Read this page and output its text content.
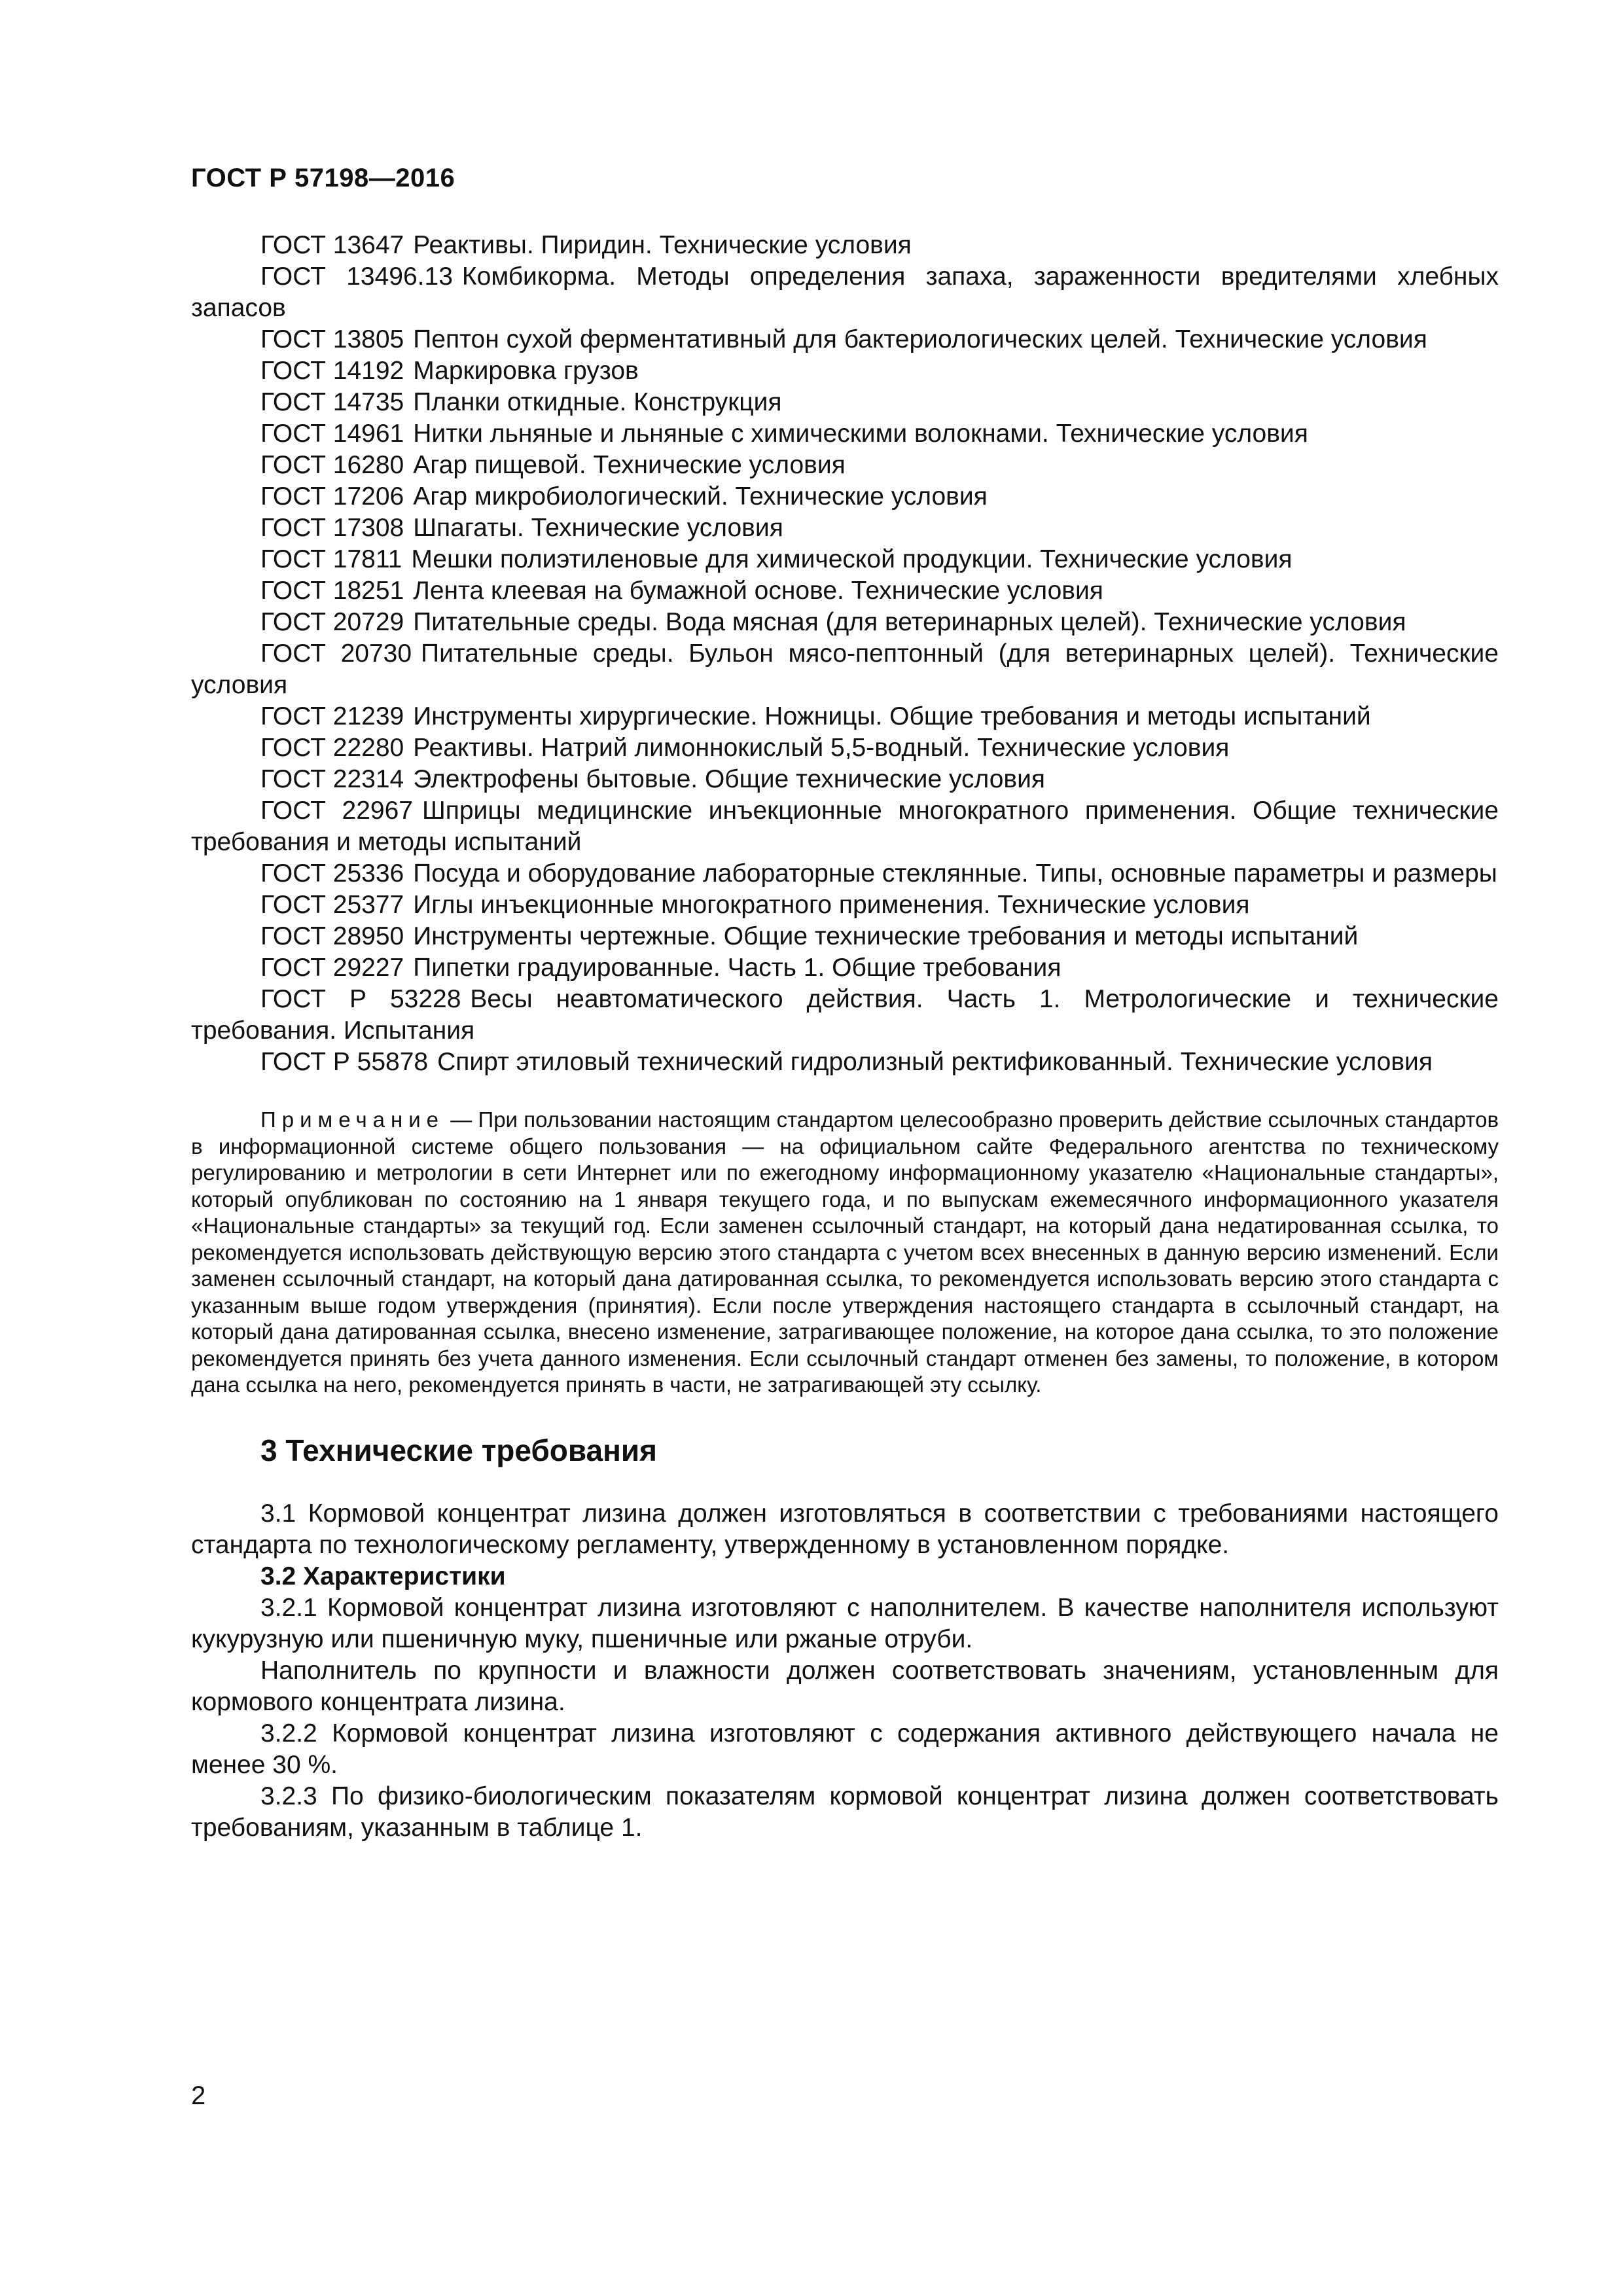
ГОСТ Р 57198—2016

ГОСТ 13647 Реактивы. Пиридин. Технические условия

ГОСТ 13496.13 Комбикорма. Методы определения запаха, зараженности вредителями хлебных запасов

ГОСТ 13805 Пептон сухой ферментативный для бактериологических целей. Технические условия

ГОСТ 14192 Маркировка грузов

ГОСТ 14735 Планки откидные. Конструкция

ГОСТ 14961 Нитки льняные и льняные с химическими волокнами. Технические условия

ГОСТ 16280 Агар пищевой. Технические условия

ГОСТ 17206 Агар микробиологический. Технические условия

ГОСТ 17308 Шпагаты. Технические условия

ГОСТ 17811 Мешки полиэтиленовые для химической продукции. Технические условия

ГОСТ 18251 Лента клеевая на бумажной основе. Технические условия

ГОСТ 20729 Питательные среды. Вода мясная (для ветеринарных целей). Технические условия

ГОСТ 20730 Питательные среды. Бульон мясо-пептонный (для ветеринарных целей). Технические условия

ГОСТ 21239 Инструменты хирургические. Ножницы. Общие требования и методы испытаний

ГОСТ 22280 Реактивы. Натрий лимоннокислый 5,5-водный. Технические условия

ГОСТ 22314 Электрофены бытовые. Общие технические условия

ГОСТ 22967 Шприцы медицинские инъекционные многократного применения. Общие технические требования и методы испытаний

ГОСТ 25336 Посуда и оборудование лабораторные стеклянные. Типы, основные параметры и размеры

ГОСТ 25377 Иглы инъекционные многократного применения. Технические условия

ГОСТ 28950 Инструменты чертежные. Общие технические требования и методы испытаний

ГОСТ 29227 Пипетки градуированные. Часть 1. Общие требования

ГОСТ Р 53228 Весы неавтоматического действия. Часть 1. Метрологические и технические требования. Испытания

ГОСТ Р 55878 Спирт этиловый технический гидролизный ректификованный. Технические условия

Примечание — При пользовании настоящим стандартом целесообразно проверить действие ссылочных стандартов в информационной системе общего пользования — на официальном сайте Федерального агентства по техническому регулированию и метрологии в сети Интернет или по ежегодному информационному указателю «Национальные стандарты», который опубликован по состоянию на 1 января текущего года, и по выпускам ежемесячного информационного указателя «Национальные стандарты» за текущий год. Если заменен ссылочный стандарт, на который дана недатированная ссылка, то рекомендуется использовать действующую версию этого стандарта с учетом всех внесенных в данную версию изменений. Если заменен ссылочный стандарт, на который дана датированная ссылка, то рекомендуется использовать версию этого стандарта с указанным выше годом утверждения (принятия). Если после утверждения настоящего стандарта в ссылочный стандарт, на который дана датированная ссылка, внесено изменение, затрагивающее положение, на которое дана ссылка, то это положение рекомендуется принять без учета данного изменения. Если ссылочный стандарт отменен без замены, то положение, в котором дана ссылка на него, рекомендуется принять в части, не затрагивающей эту ссылку.

3 Технические требования

3.1 Кормовой концентрат лизина должен изготовляться в соответствии с требованиями настоящего стандарта по технологическому регламенту, утвержденному в установленном порядке.

3.2 Характеристики

3.2.1 Кормовой концентрат лизина изготовляют с наполнителем. В качестве наполнителя используют кукурузную или пшеничную муку, пшеничные или ржаные отруби.

Наполнитель по крупности и влажности должен соответствовать значениям, установленным для кормового концентрата лизина.

3.2.2 Кормовой концентрат лизина изготовляют с содержания активного действующего начала не менее 30 %.

3.2.3 По физико-биологическим показателям кормовой концентрат лизина должен соответствовать требованиям, указанным в таблице 1.

2
